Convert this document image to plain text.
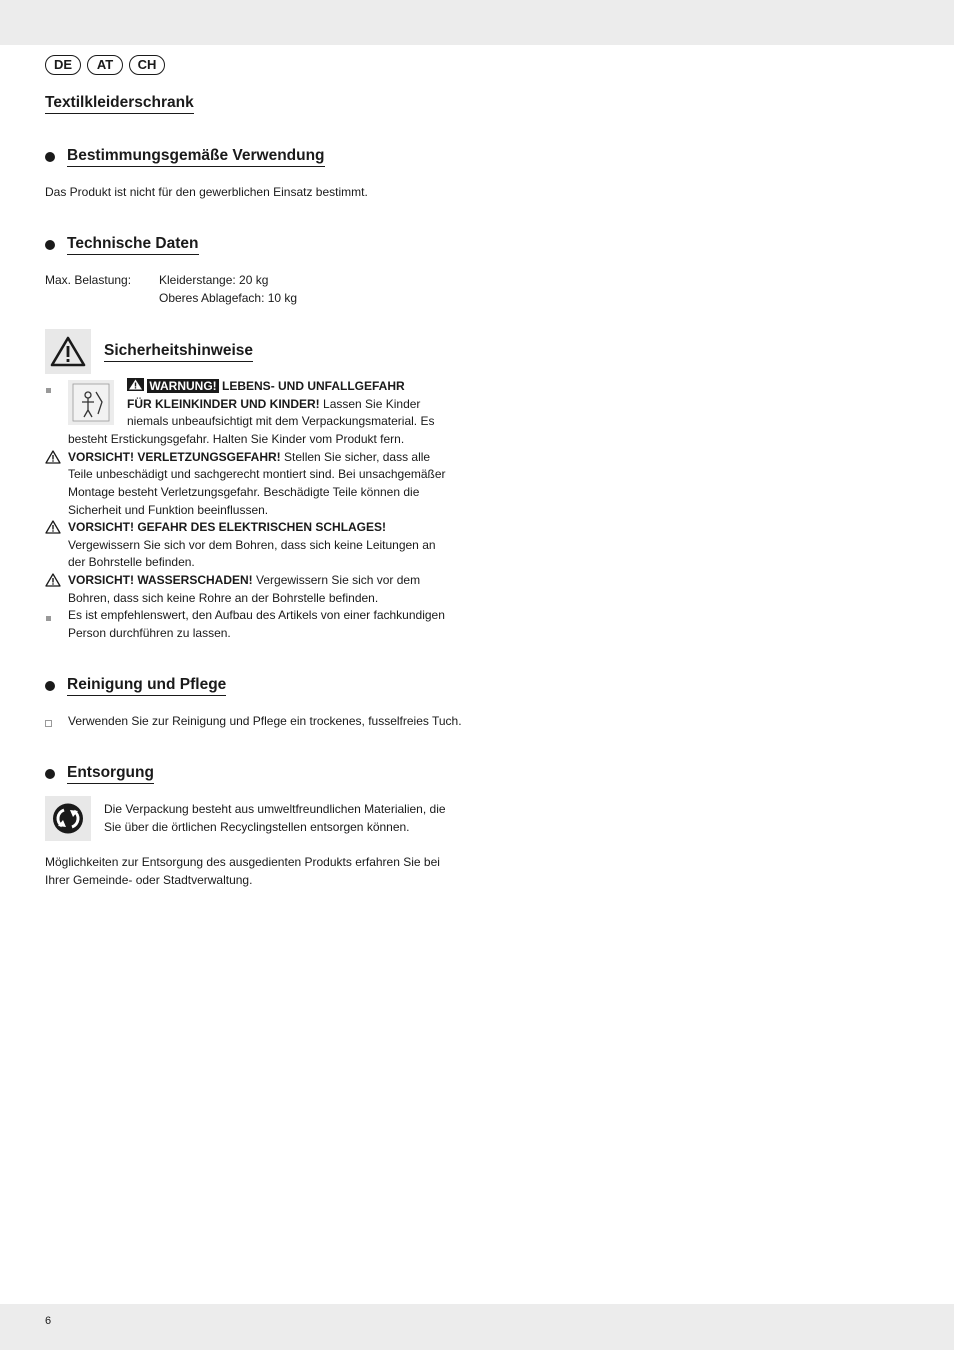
DE	AT	CH
Textilkleiderschrank
Bestimmungsgemäße Verwendung
Das Produkt ist nicht für den gewerblichen Einsatz bestimmt.
Technische Daten
Max. Belastung: Kleiderstange: 20 kg
Oberes Ablagefach: 10 kg
Sicherheitshinweise
WARNUNG! LEBENS- UND UNFALLGEFAHR
FÜR KLEINKINDER UND KINDER! Lassen Sie Kinder
niemals unbeaufsichtigt mit dem Verpackungsmaterial. Es
besteht Erstickungsgefahr. Halten Sie Kinder vom Produkt fern.
VORSICHT! VERLETZUNGSGEFAHR! Stellen Sie sicher, dass alle
Teile unbeschädigt und sachgerecht montiert sind. Bei unsachgemäßer
Montage besteht Verletzungsgefahr. Beschädigte Teile können die
Sicherheit und Funktion beeinflussen.
VORSICHT! GEFAHR DES ELEKTRISCHEN SCHLAGES!
Vergewissern Sie sich vor dem Bohren, dass sich keine Leitungen an
der Bohrstelle befinden.
VORSICHT! WASSERSCHADEN! Vergewissern Sie sich vor dem
Bohren, dass sich keine Rohre an der Bohrstelle befinden.
Es ist empfehlenswert, den Aufbau des Artikels von einer fachkundigen
Person durchführen zu lassen.
Reinigung und Pflege
Verwenden Sie zur Reinigung und Pflege ein trockenes, fusselfreies Tuch.
Entsorgung
Die Verpackung besteht aus umweltfreundlichen Materialien, die
Sie über die örtlichen Recyclingstellen entsorgen können.
Möglichkeiten zur Entsorgung des ausgedienten Produkts erfahren Sie bei
Ihrer Gemeinde- oder Stadtverwaltung.
6
